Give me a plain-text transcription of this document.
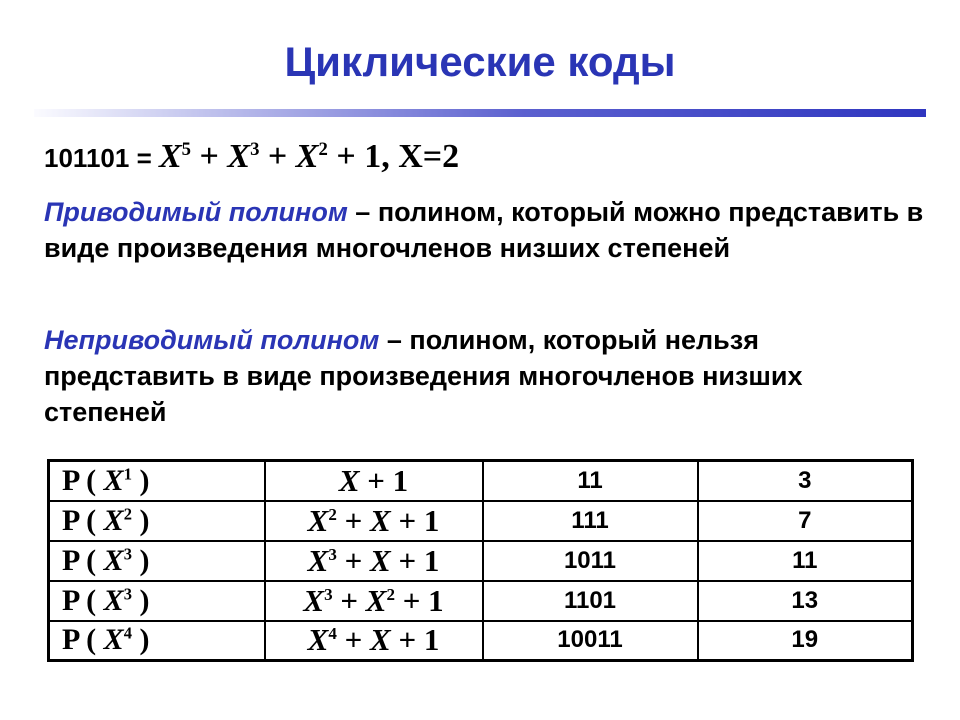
Циклические коды
$101101 = X^5 + X^3 + X^2 + 1$, X=2
Приводимый полином – полином, который можно представить в виде произведения многочленов низших степеней
Неприводимый полином – полином, который нельзя представить в виде произведения многочленов низших степеней
P ( $X^1$ )	X + 1	11	3
P ( $X^2$ )	$X^2 + X + 1$	111	7
P ( $X^3$ )	$X^3 + X + 1$	1011	11
P ( $X^3$ )	$X^3 + X^2 + 1$	1101	13
P ( $X^4$ )	$X^4 + X + 1$	10011	19
